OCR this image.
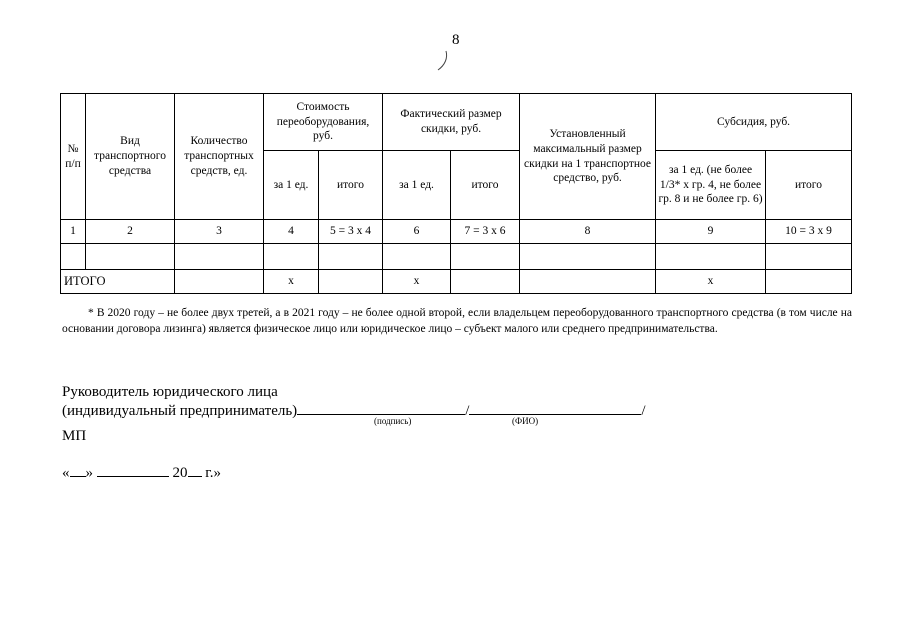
8
№ п/п	Вид транспортного средства	Количество транспортных средств, ед.	Стоимость переоборудования, руб.		Фактический размер скидки, руб.		Установленный максимальный размер скидки на 1 транспортное средство, руб.	Субсидия, руб.	
			за 1 ед.	итого	за 1 ед.	итого		за 1 ед. (не более 1/3* х гр. 4, не более гр. 8 и не более гр. 6)	итого
1	2	3	4	5 = 3 х 4	6	7 = 3 х 6	8	9	10 = 3 х 9

ИТОГО			х		х			х	

* В 2020 году – не более двух третей, а в 2021 году – не более одной второй, если владельцем переоборудованного транспортного средства (в том числе на основании договора лизинга) является физическое лицо или юридическое лицо – субъект малого или среднего предпринимательства.

Руководитель юридического лица
(индивидуальный предприниматель)	/	/
(подпись)	(ФИО)
МП
« »	20 г.»
